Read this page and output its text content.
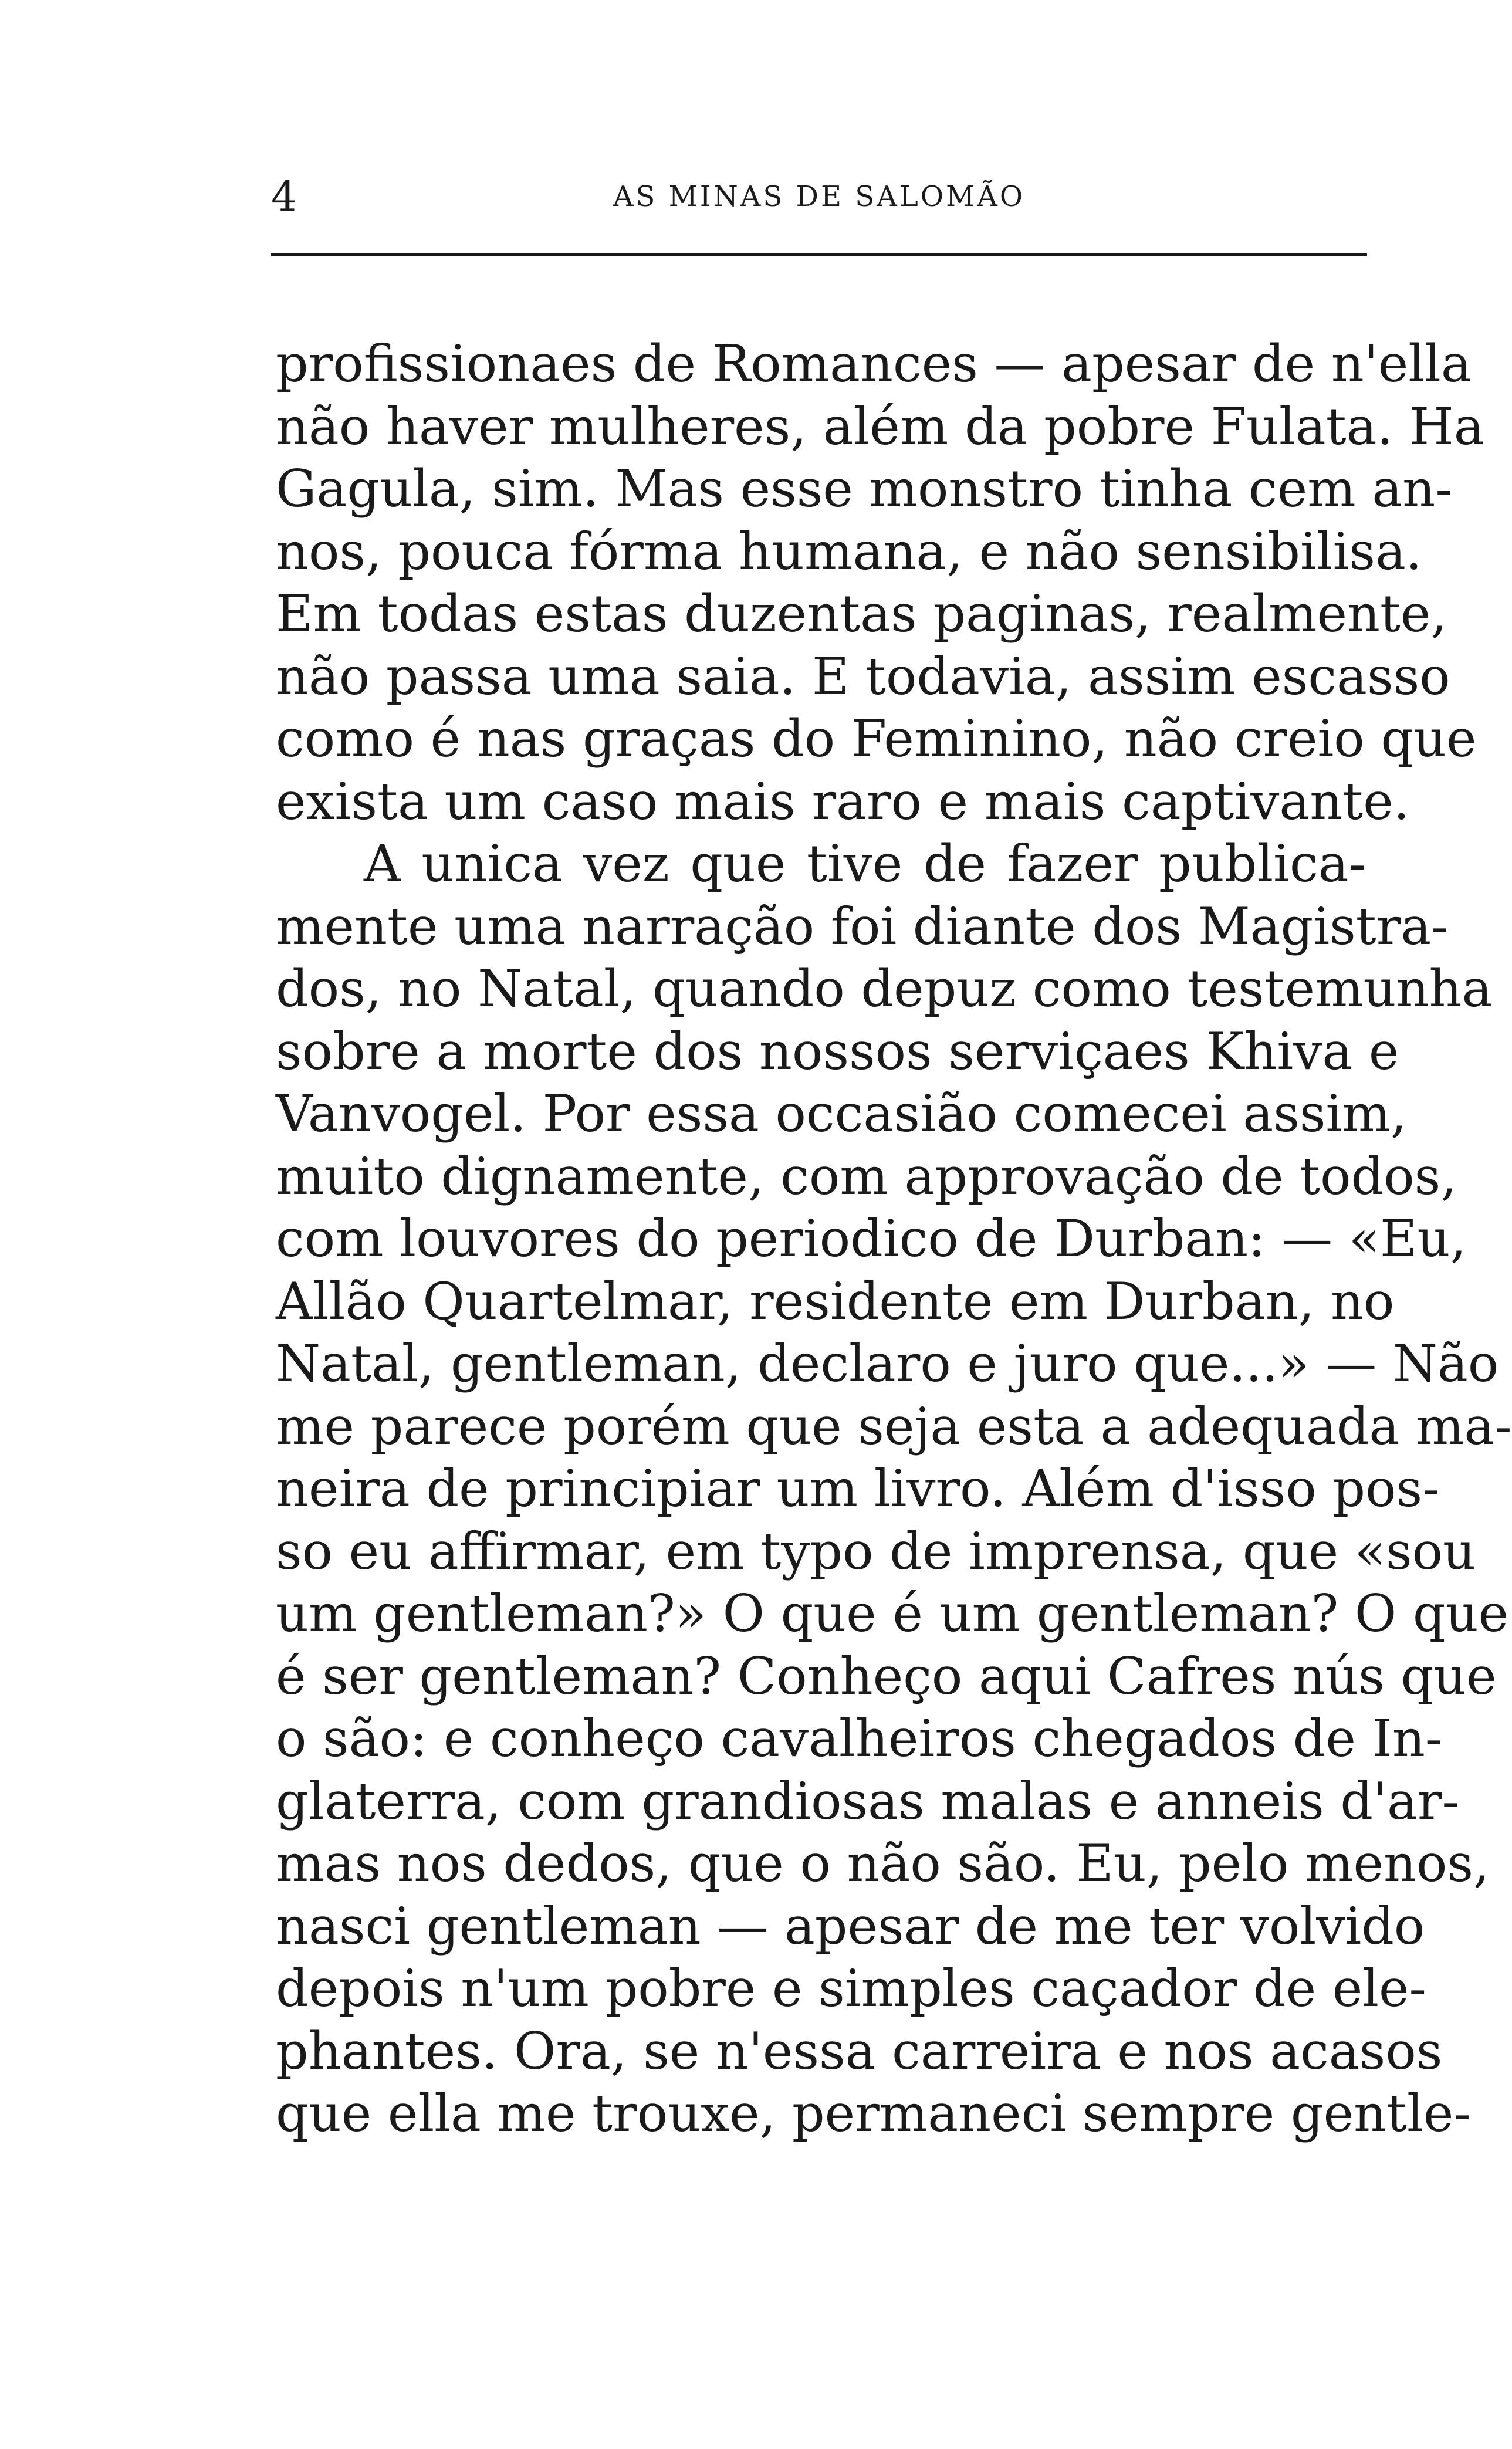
4	AS MINAS DE SALOMÃO
profissionaes de Romances — apesar de n'ella
não haver mulheres, além da pobre Fulata. Ha
Gagula, sim. Mas esse monstro tinha cem an-
nos, pouca fórma humana, e não sensibilisa.
Em todas estas duzentas paginas, realmente,
não passa uma saia. E todavia, assim escasso
como é nas graças do Feminino, não creio que
exista um caso mais raro e mais captivante.
A unica vez que tive de fazer publica-
mente uma narração foi diante dos Magistra-
dos, no Natal, quando depuz como testemunha
sobre a morte dos nossos serviçaes Khiva e
Vanvogel. Por essa occasião comecei assim,
muito dignamente, com approvação de todos,
com louvores do periodico de Durban: — «Eu,
Allão Quartelmar, residente em Durban, no
Natal, gentleman, declaro e juro que...» — Não
me parece porém que seja esta a adequada ma-
neira de principiar um livro. Além d'isso pos-
so eu affirmar, em typo de imprensa, que «sou
um gentleman?» O que é um gentleman? O que
é ser gentleman? Conheço aqui Cafres nús que
o são: e conheço cavalheiros chegados de In-
glaterra, com grandiosas malas e anneis d'ar-
mas nos dedos, que o não são. Eu, pelo menos,
nasci gentleman — apesar de me ter volvido
depois n'um pobre e simples caçador de ele-
phantes. Ora, se n'essa carreira e nos acasos
que ella me trouxe, permaneci sempre gentle-
